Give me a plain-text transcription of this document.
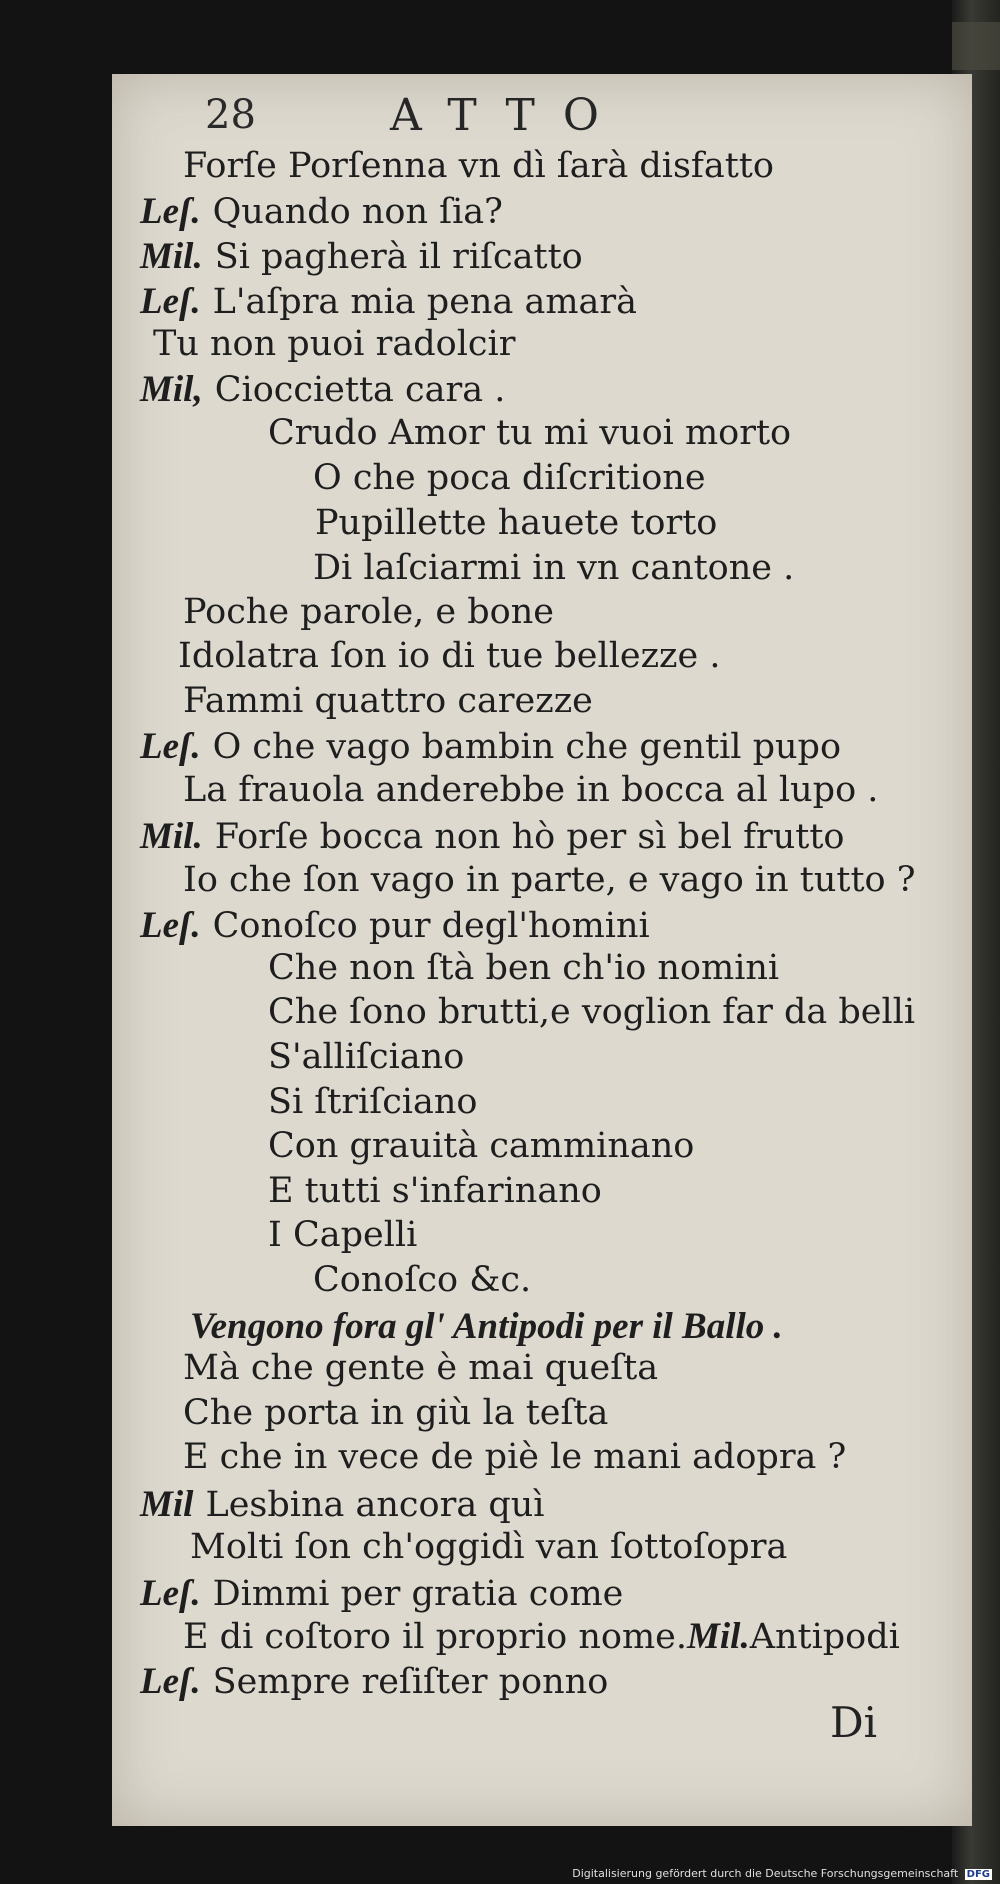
28	ATTO
Forſe Porſenna vn dì ſarà disfatto
Leſ. Quando non ſia?
Mil. Si pagherà il riſcatto
Leſ. L'aſpra mia pena amarà
Tu non puoi radolcir
Mil, Cioccietta cara .
Crudo Amor tu mi vuoi morto
O che poca diſcritione
Pupillette hauete torto
Di laſciarmi in vn cantone .
Poche parole, e bone
Idolatra ſon io di tue bellezze .
Fammi quattro carezze
Leſ. O che vago bambin che gentil pupo
La frauola anderebbe in bocca al lupo .
Mil. Forſe bocca non hò per sì bel frutto
Io che ſon vago in parte, e vago in tutto ?
Leſ. Conoſco pur degl'homini
Che non ſtà ben ch'io nomini
Che ſono brutti,e voglion far da belli
S'alliſciano
Si ſtriſciano
Con grauità camminano
E tutti s'infarinano
I Capelli
Conoſco &c.
Vengono fora gl' Antipodi per il Ballo .
Mà che gente è mai queſta
Che porta in giù la teſta
E che in vece de piè le mani adopra ?
Mil Lesbina ancora quì
Molti ſon ch'oggidì van ſottoſopra
Leſ. Dimmi per gratia come
E di coſtoro il proprio nome.Mil.Antipodi
Leſ. Sempre reſiſter ponno
Di
Digitalisierung gefördert durch die Deutsche Forschungsgemeinschaft DFG
